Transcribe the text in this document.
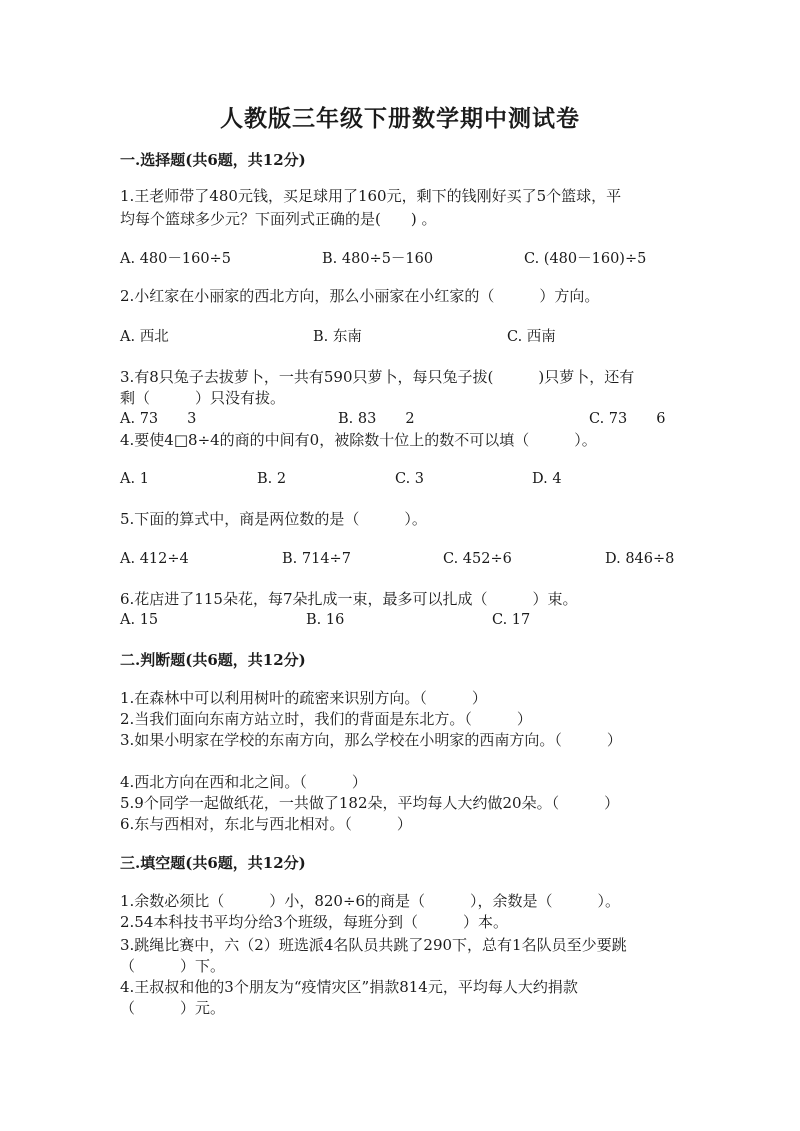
人教版三年级下册数学期中测试卷
一.选择题(共6题，共12分)
1.王老师带了480元钱，买足球用了160元，剩下的钱刚好买了5个篮球，平
均每个篮球多少元？下面列式正确的是(　　) 。
A. 480－160÷5	B. 480÷5－160	C. (480－160)÷5
2.小红家在小丽家的西北方向，那么小丽家在小红家的（　　　）方向。
A. 西北	B. 东南	C. 西南
3.有8只兔子去拔萝卜，一共有590只萝卜，每只兔子拔(　　　)只萝卜，还有
剩（　　　）只没有拔。
A. 73　　3	B. 83　　2	C. 73　　6
4.要使4□8÷4的商的中间有0，被除数十位上的数不可以填（　　　）。
A. 1	B. 2	C. 3	D. 4
5.下面的算式中，商是两位数的是（　　　）。
A. 412÷4	B. 714÷7	C. 452÷6	D. 846÷8
6.花店进了115朵花，每7朵扎成一束，最多可以扎成（　　　）束。
A. 15	B. 16	C. 17
二.判断题(共6题，共12分)
1.在森林中可以利用树叶的疏密来识别方向。（　　　）
2.当我们面向东南方站立时，我们的背面是东北方。（　　　）
3.如果小明家在学校的东南方向，那么学校在小明家的西南方向。（　　　）
4.西北方向在西和北之间。（　　　）
5.9个同学一起做纸花，一共做了182朵，平均每人大约做20朵。（　　　）
6.东与西相对，东北与西北相对。（　　　）
三.填空题(共6题，共12分)
1.余数必须比（　　　）小，820÷6的商是（　　　），余数是（　　　）。
2.54本科技书平均分给3个班级，每班分到（　　　）本。
3.跳绳比赛中，六（2）班选派4名队员共跳了290下，总有1名队员至少要跳
（　　　）下。
4.王叔叔和他的3个朋友为“疫情灾区”捐款814元，平均每人大约捐款
（　　　）元。
